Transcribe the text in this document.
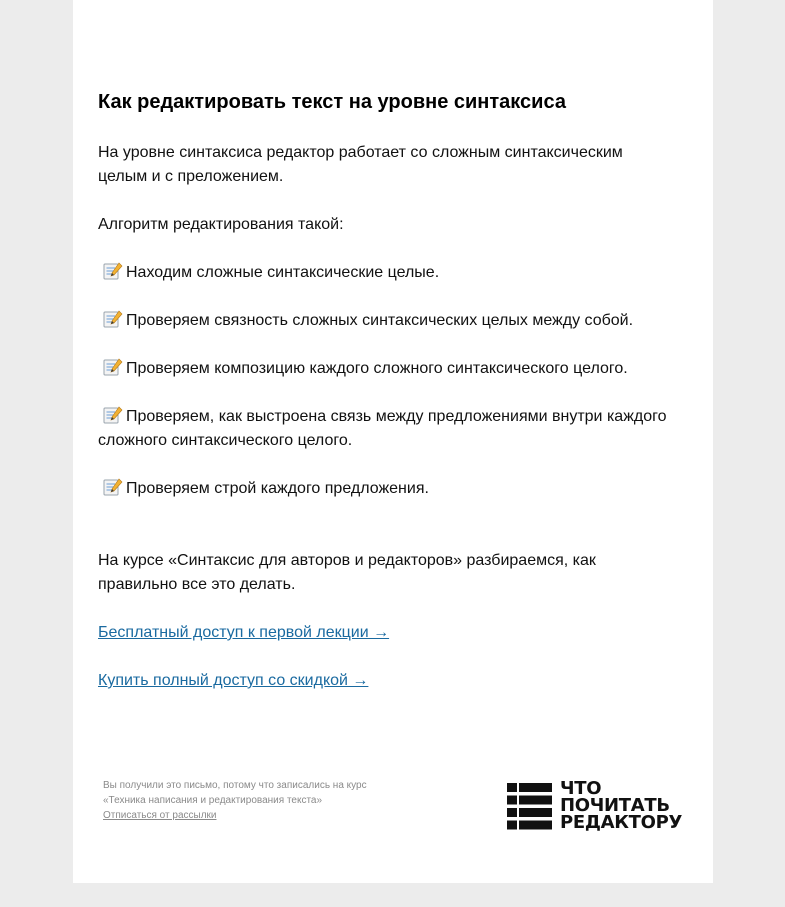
Как редактировать текст на уровне синтаксиса

На уровне синтаксиса редактор работает со сложным синтаксическим целым и с преложением.

Алгоритм редактирования такой:

Находим сложные синтаксические целые.

Проверяем связность сложных синтаксических целых между собой.

Проверяем композицию каждого сложного синтаксического целого.

Проверяем, как выстроена связь между предложениями внутри каждого сложного синтаксического целого.

Проверяем строй каждого предложения.

На курсе «Синтаксис для авторов и редакторов» разбираемся, как правильно все это делать.

Бесплатный доступ к первой лекции →
Купить полный доступ со скидкой →
Вы получили это письмо, потому что записались на курс
«Техника написания и редактирования текста»
Отписаться от рассылки
ЧТО
ПОЧИТАТЬ
РЕДАКТОРУ
